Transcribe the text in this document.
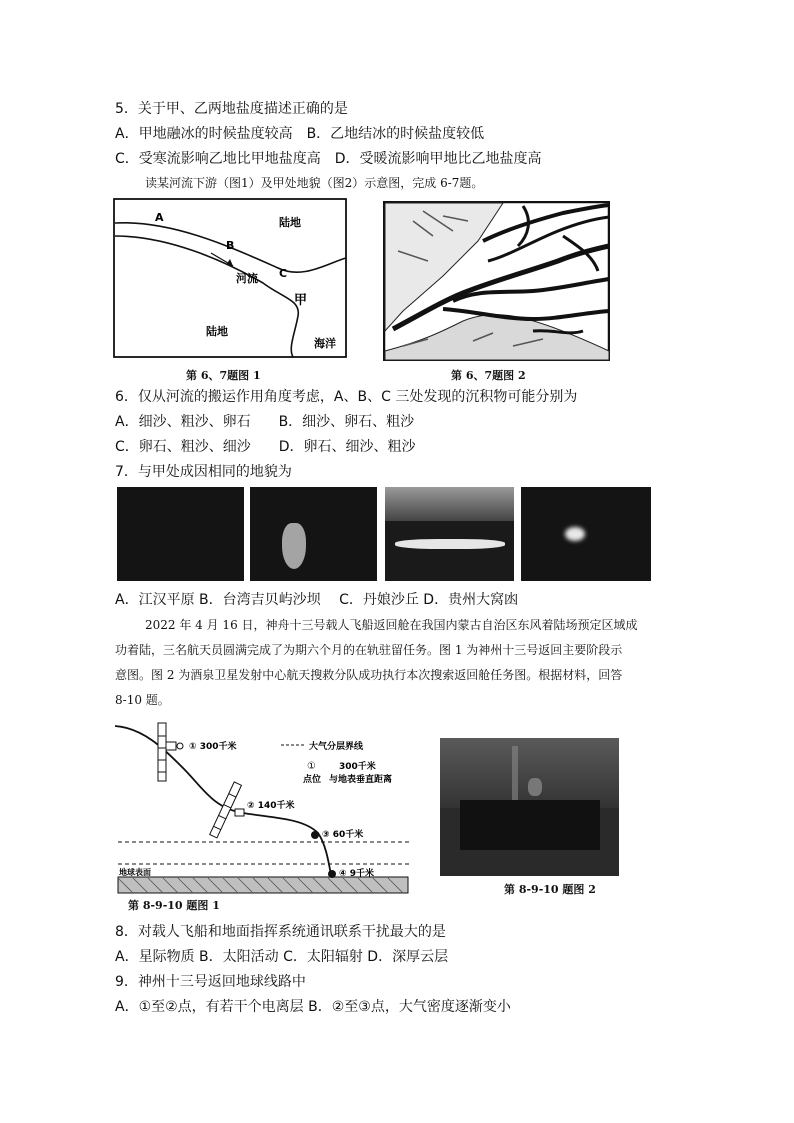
5．关于甲、乙两地盐度描述正确的是
A．甲地融冰的时候盐度较高　B．乙地结冰的时候盐度较低
C．受寒流影响乙地比甲地盐度高　D．受暖流影响甲地比乙地盐度高
读某河流下游（图1）及甲处地貌（图2）示意图，完成 6-7题。
A
B
C
陆地
河流
甲
陆地
海洋
第 6、7题图 1	第 6、7题图 2
6．仅从河流的搬运作用角度考虑，A、B、C 三处发现的沉积物可能分别为
A．细沙、粗沙、卵石　　B．细沙、卵石、粗沙
C．卵石、粗沙、细沙　　D．卵石、细沙、粗沙
7．与甲处成因相同的地貌为
A．江汉平原 B．台湾吉贝屿沙坝　 C．丹娘沙丘 D．贵州大窝凼
2022 年 4 月 16 日，神舟十三号载人飞船返回舱在我国内蒙古自治区东风着陆场预定区域成
功着陆，三名航天员圆满完成了为期六个月的在轨驻留任务。图 1 为神州十三号返回主要阶段示
意图。图 2 为酒泉卫星发射中心航天搜救分队成功执行本次搜索返回舱任务图。根据材料，回答
8-10 题。
大气分层界线
①	300千米
点位 与地表垂直距离
① 300千米
② 140千米
③ 60千米
④ 9千米
地球表面
第 8-9-10 题图 1
第 8-9-10 题图 2
8．对载人飞船和地面指挥系统通讯联系干扰最大的是
A．星际物质 B．太阳活动 C．太阳辐射 D．深厚云层
9．神州十三号返回地球线路中
A．①至②点，有若干个电离层 B．②至③点，大气密度逐渐变小
